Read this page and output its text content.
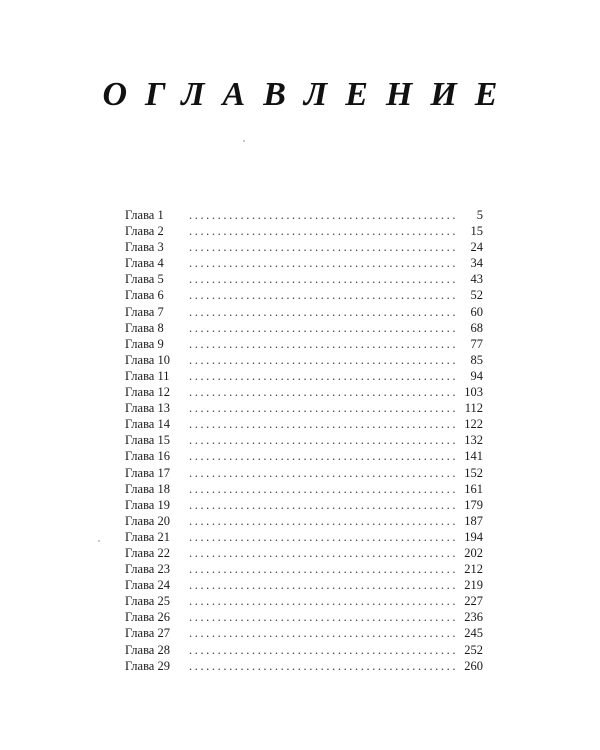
ОГЛАВЛЕНИЕ
Глава 1 .....	5
Глава 2 .....	15
Глава 3 .....	24
Глава 4 .....	34
Глава 5 .....	43
Глава 6 .....	52
Глава 7 .....	60
Глава 8 .....	68
Глава 9 .....	77
Глава 10 .....	85
Глава 11 .....	94
Глава 12 .....	103
Глава 13 .....	112
Глава 14 .....	122
Глава 15 .....	132
Глава 16 .....	141
Глава 17 .....	152
Глава 18 .....	161
Глава 19 .....	179
Глава 20 .....	187
Глава 21 .....	194
Глава 22 .....	202
Глава 23 .....	212
Глава 24 .....	219
Глава 25 .....	227
Глава 26 .....	236
Глава 27 .....	245
Глава 28 .....	252
Глава 29 .....	260
